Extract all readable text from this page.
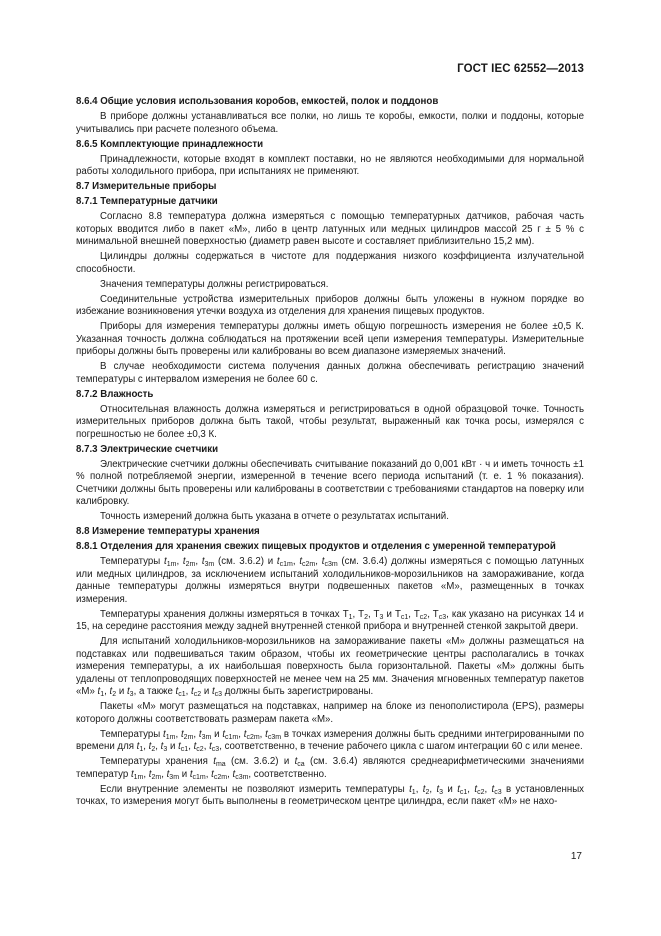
ГОСТ IEC 62552—2013
8.6.4 Общие условия использования коробов, емкостей, полок и поддонов
В приборе должны устанавливаться все полки, но лишь те коробы, емкости, полки и поддоны, которые учитывались при расчете полезного объема.
8.6.5 Комплектующие принадлежности
Принадлежности, которые входят в комплект поставки, но не являются необходимыми для нормальной работы холодильного прибора, при испытаниях не применяют.
8.7 Измерительные приборы
8.7.1 Температурные датчики
Согласно 8.8 температура должна измеряться с помощью температурных датчиков, рабочая часть которых вводится либо в пакет «М», либо в центр латунных или медных цилиндров массой 25 г ± 5 % с минимальной внешней поверхностью (диаметр равен высоте и составляет приблизительно 15,2 мм).
Цилиндры должны содержаться в чистоте для поддержания низкого коэффициента излучательной способности.
Значения температуры должны регистрироваться.
Соединительные устройства измерительных приборов должны быть уложены в нужном порядке во избежание возникновения утечки воздуха из отделения для хранения пищевых продуктов.
Приборы для измерения температуры должны иметь общую погрешность измерения не более ±0,5 К. Указанная точность должна соблюдаться на протяжении всей цепи измерения температуры. Измерительные приборы должны быть проверены или калиброваны во всем диапазоне измеряемых значений.
В случае необходимости система получения данных должна обеспечивать регистрацию значений температуры с интервалом измерения не более 60 с.
8.7.2 Влажность
Относительная влажность должна измеряться и регистрироваться в одной образцовой точке. Точность измерительных приборов должна быть такой, чтобы результат, выраженный как точка росы, измерялся с погрешностью не более ±0,3 К.
8.7.3 Электрические счетчики
Электрические счетчики должны обеспечивать считывание показаний до 0,001 кВт · ч и иметь точность ±1 % полной потребляемой энергии, измеренной в течение всего периода испытаний (т. е. 1 % показания). Счетчики должны быть проверены или калиброваны в соответствии с требованиями стандартов на поверку или калибровку.
Точность измерений должна быть указана в отчете о результатах испытаний.
8.8 Измерение температуры хранения
8.8.1 Отделения для хранения свежих пищевых продуктов и отделения с умеренной температурой
Температуры $t_{1m}$, $t_{2m}$, $t_{3m}$ (см. 3.6.2) и $t_{c1m}$, $t_{c2m}$, $t_{c3m}$ (см. 3.6.4) должны измеряться с помощью латунных или медных цилиндров, за исключением испытаний холодильников-морозильников на замораживание, когда данные температуры должны измеряться внутри подвешенных пакетов «М», размещенных в точках измерения.
Температуры хранения должны измеряться в точках $T_1$, $T_2$, $T_3$ и $T_{c1}$, $T_{c2}$, $T_{c3}$, как указано на рисунках 14 и 15, на середине расстояния между задней внутренней стенкой прибора и внутренней стенкой закрытой двери.
Для испытаний холодильников-морозильников на замораживание пакеты «М» должны размещаться на подставках или подвешиваться таким образом, чтобы их геометрические центры располагались в точках измерения температуры, а их наибольшая поверхность была горизонтальной. Пакеты «М» должны быть удалены от теплопроводящих поверхностей не менее чем на 25 мм. Значения мгновенных температур пакетов «М» $t_1$, $t_2$ и $t_3$, а также $t_{c1}$, $t_{c2}$ и $t_{c3}$ должны быть зарегистрированы.
Пакеты «М» могут размещаться на подставках, например на блоке из пенополистирола (EPS), размеры которого должны соответствовать размерам пакета «М».
Температуры $t_{1m}$, $t_{2m}$, $t_{3m}$ и $t_{c1m}$, $t_{c2m}$, $t_{c3m}$ в точках измерения должны быть средними интегрированными по времени для $t_1$, $t_2$, $t_3$ и $t_{c1}$, $t_{c2}$, $t_{c3}$, соответственно, в течение рабочего цикла с шагом интеграции 60 с или менее.
Температуры хранения $t_{ma}$ (см. 3.6.2) и $t_{ca}$ (см. 3.6.4) являются среднеарифметическими значениями температур $t_{1m}$, $t_{2m}$, $t_{3m}$ и $t_{c1m}$, $t_{c2m}$, $t_{c3m}$, соответственно.
Если внутренние элементы не позволяют измерить температуры $t_1$, $t_2$, $t_3$ и $t_{c1}$, $t_{c2}$, $t_{c3}$ в установленных точках, то измерения могут быть выполнены в геометрическом центре цилиндра, если пакет «М» не нахо-
17
